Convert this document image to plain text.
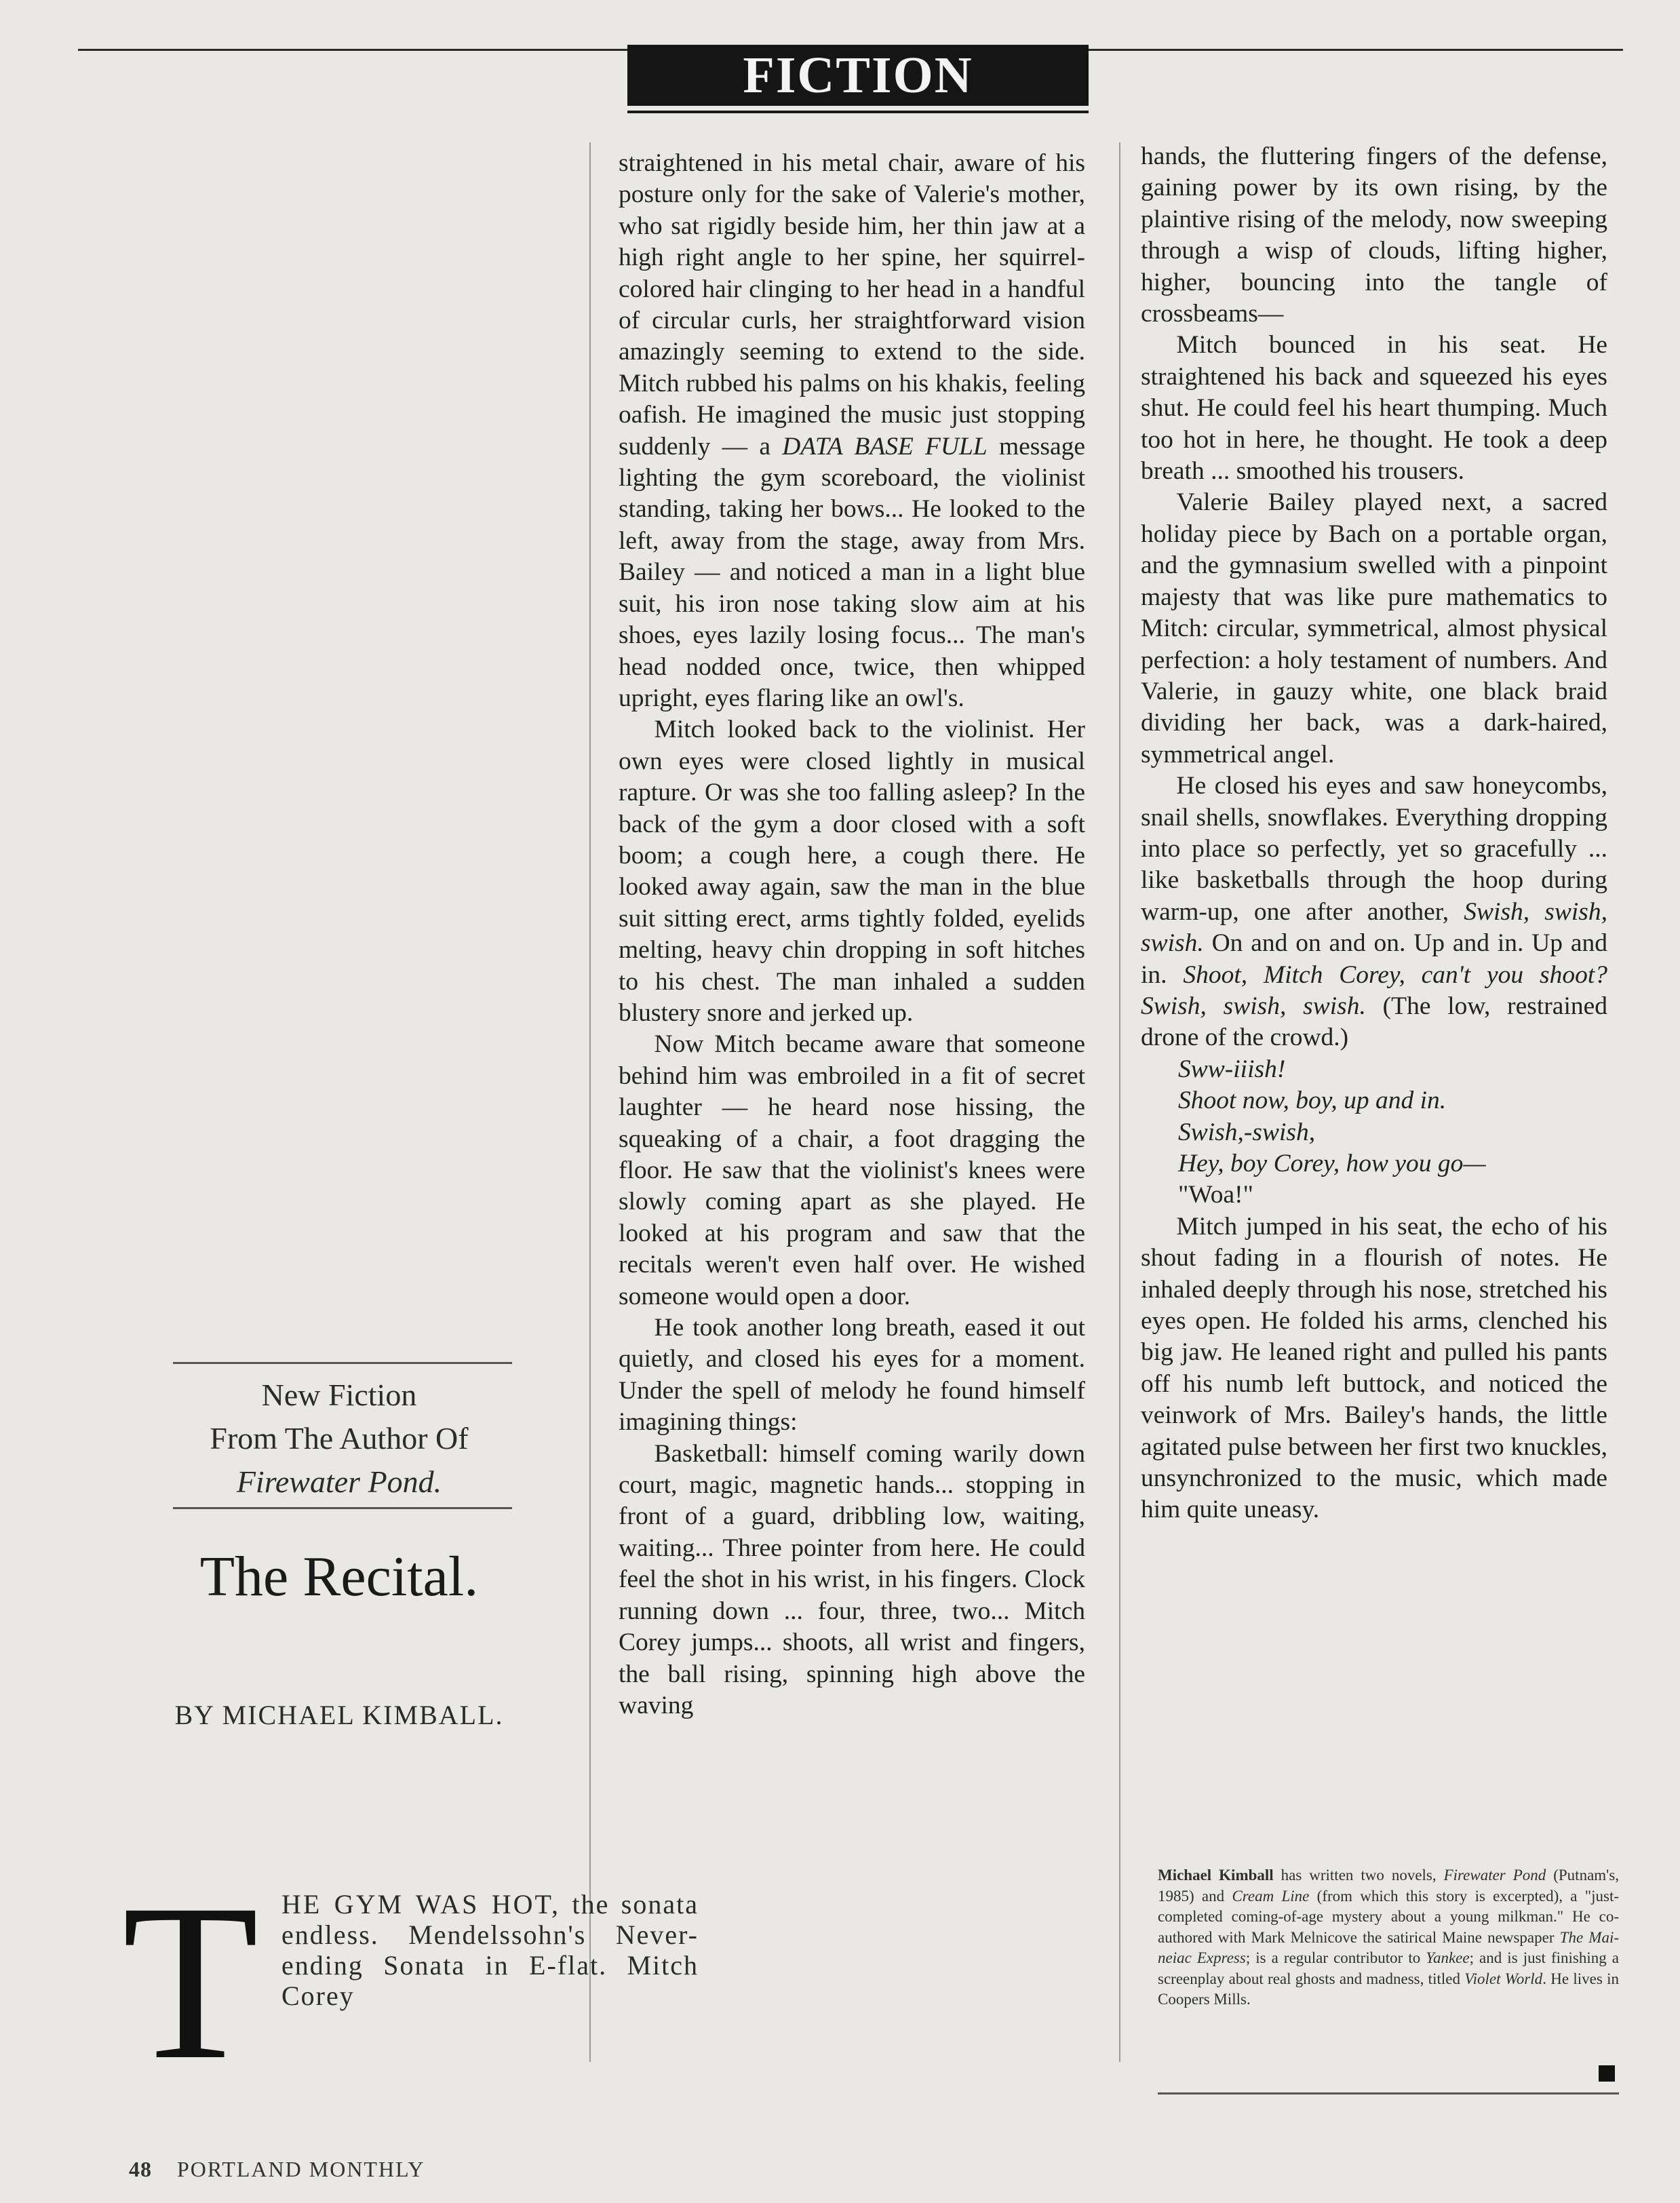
FICTION
New Fiction
From The Author Of
Firewater Pond.
The Recital.
BY MICHAEL KIMBALL.
T HE GYM WAS HOT, the sonata endless. Mendelssohn's Never-ending Sonata in E-flat. Mitch Corey

straightened in his metal chair, aware of his posture only for the sake of Valerie's mother, who sat rigidly beside him, her thin jaw at a high right angle to her spine, her squirrel-colored hair clinging to her head in a handful of circular curls, her straightforward vision amazingly seeming to extend to the side. Mitch rubbed his palms on his khakis, feeling oafish. He imagined the music just stopping suddenly — a DATA BASE FULL message lighting the gym scoreboard, the violinist standing, taking her bows... He looked to the left, away from the stage, away from Mrs. Bailey — and noticed a man in a light blue suit, his iron nose taking slow aim at his shoes, eyes lazily losing focus... The man's head nodded once, twice, then whipped upright, eyes flaring like an owl's.

Mitch looked back to the violinist. Her own eyes were closed lightly in musical rapture. Or was she too falling asleep? In the back of the gym a door closed with a soft boom; a cough here, a cough there. He looked away again, saw the man in the blue suit sitting erect, arms tightly folded, eyelids melting, heavy chin dropping in soft hitches to his chest. The man inhaled a sudden blustery snore and jerked up.

Now Mitch became aware that someone behind him was embroiled in a fit of secret laughter — he heard nose hissing, the squeaking of a chair, a foot dragging the floor. He saw that the violinist's knees were slowly coming apart as she played. He looked at his program and saw that the recitals weren't even half over. He wished someone would open a door.

He took another long breath, eased it out quietly, and closed his eyes for a moment. Under the spell of melody he found himself imagining things:

Basketball: himself coming warily down court, magic, magnetic hands... stopping in front of a guard, dribbling low, waiting, waiting... Three pointer from here. He could feel the shot in his wrist, in his fingers. Clock running down ... four, three, two... Mitch Corey jumps... shoots, all wrist and fingers, the ball rising, spinning high above the waving

hands, the fluttering fingers of the defense, gaining power by its own rising, by the plaintive rising of the melody, now sweeping through a wisp of clouds, lifting higher, higher, bouncing into the tangle of crossbeams—

Mitch bounced in his seat. He straightened his back and squeezed his eyes shut. He could feel his heart thumping. Much too hot in here, he thought. He took a deep breath ... smoothed his trousers.

Valerie Bailey played next, a sacred holiday piece by Bach on a portable organ, and the gymnasium swelled with a pinpoint majesty that was like pure mathematics to Mitch: circular, symmetrical, almost physical perfection: a holy testament of numbers. And Valerie, in gauzy white, one black braid dividing her back, was a dark-haired, symmetrical angel.

He closed his eyes and saw honeycombs, snail shells, snowflakes. Everything dropping into place so perfectly, yet so gracefully ... like basketballs through the hoop during warm-up, one after another, Swish, swish, swish. On and on and on. Up and in. Up and in. Shoot, Mitch Corey, can't you shoot? Swish, swish, swish. (The low, restrained drone of the crowd.)

Sww-iiish!

Shoot now, boy, up and in.

Swish,-swish,

Hey, boy Corey, how you go—

"Woa!"

Mitch jumped in his seat, the echo of his shout fading in a flourish of notes. He inhaled deeply through his nose, stretched his eyes open. He folded his arms, clenched his big jaw. He leaned right and pulled his pants off his numb left buttock, and noticed the veinwork of Mrs. Bailey's hands, the little agitated pulse between her first two knuckles, unsynchronized to the music, which made him quite uneasy.

Michael Kimball has written two novels, Firewater Pond (Putnam's, 1985) and Cream Line (from which this story is excerpted), a "just-completed coming-of-age mystery about a young milkman." He co-authored with Mark Melnicove the satirical Maine newspaper The Mai-neiac Express; is a regular contributor to Yankee; and is just finishing a screenplay about real ghosts and madness, titled Violet World. He lives in Coopers Mills.
48 PORTLAND MONTHLY
